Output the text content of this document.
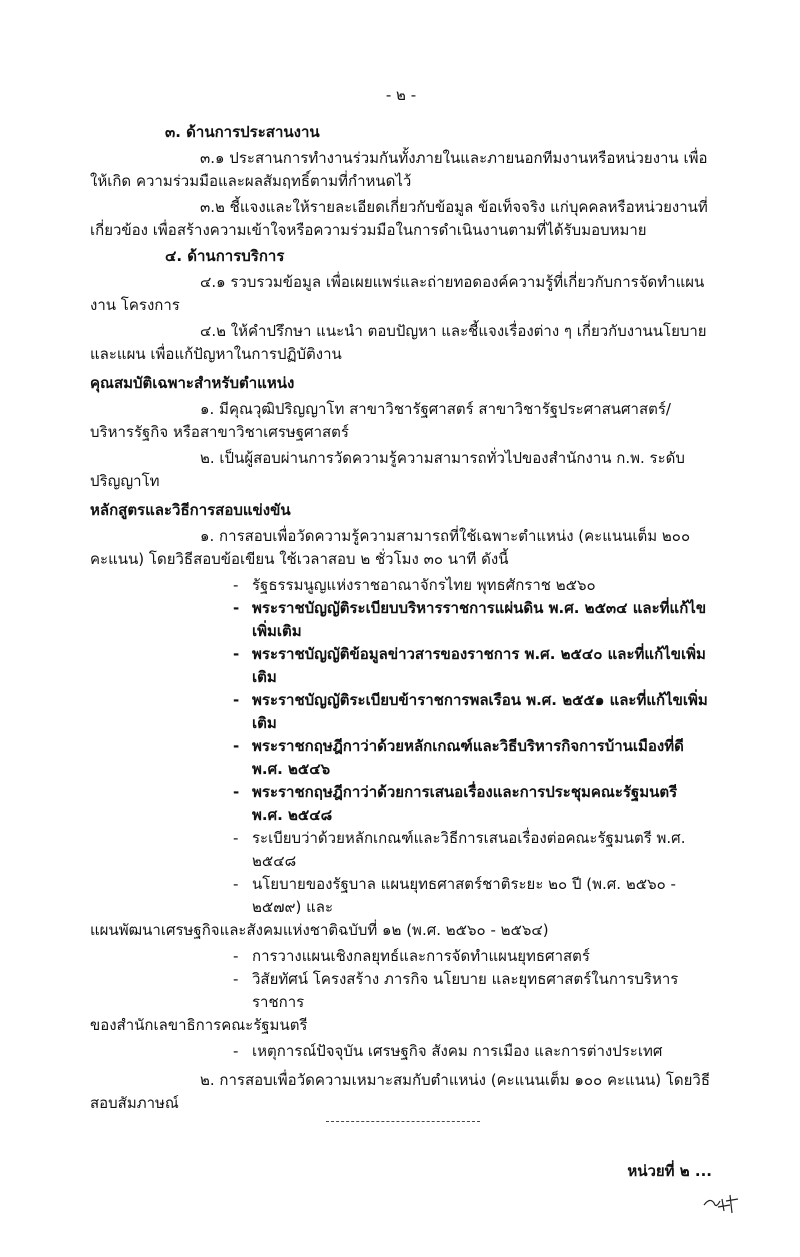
- ๒ -
๓. ด้านการประสานงาน
๓.๑ ประสานการทำงานร่วมกันทั้งภายในและภายนอกทีมงานหรือหน่วยงาน เพื่อให้เกิด ความร่วมมือและผลสัมฤทธิ์ตามที่กำหนดไว้
๓.๒ ชี้แจงและให้รายละเอียดเกี่ยวกับข้อมูล ข้อเท็จจริง แก่บุคคลหรือหน่วยงานที่เกี่ยวข้อง เพื่อสร้างความเข้าใจหรือความร่วมมือในการดำเนินงานตามที่ได้รับมอบหมาย
๔. ด้านการบริการ
๔.๑ รวบรวมข้อมูล เพื่อเผยแพร่และถ่ายทอดองค์ความรู้ที่เกี่ยวกับการจัดทำแผนงาน โครงการ
๔.๒ ให้คำปรึกษา แนะนำ ตอบปัญหา และชี้แจงเรื่องต่าง ๆ เกี่ยวกับงานนโยบายและแผน เพื่อแก้ปัญหาในการปฏิบัติงาน
คุณสมบัติเฉพาะสำหรับตำแหน่ง
๑. มีคุณวุฒิปริญญาโท สาขาวิชารัฐศาสตร์ สาขาวิชารัฐประศาสนศาสตร์/บริหารรัฐกิจ หรือสาขาวิชาเศรษฐศาสตร์
๒. เป็นผู้สอบผ่านการวัดความรู้ความสามารถทั่วไปของสำนักงาน ก.พ. ระดับปริญญาโท
หลักสูตรและวิธีการสอบแข่งขัน
๑. การสอบเพื่อวัดความรู้ความสามารถที่ใช้เฉพาะตำแหน่ง (คะแนนเต็ม ๒๐๐ คะแนน) โดยวิธีสอบข้อเขียน ใช้เวลาสอบ ๒ ชั่วโมง ๓๐ นาที ดังนี้
- รัฐธรรมนูญแห่งราชอาณาจักรไทย พุทธศักราช ๒๕๖๐
- พระราชบัญญัติระเบียบบริหารราชการแผ่นดิน พ.ศ. ๒๕๓๔ และที่แก้ไขเพิ่มเติม
- พระราชบัญญัติข้อมูลข่าวสารของราชการ พ.ศ. ๒๕๔๐ และที่แก้ไขเพิ่มเติม
- พระราชบัญญัติระเบียบข้าราชการพลเรือน พ.ศ. ๒๕๕๑ และที่แก้ไขเพิ่มเติม
- พระราชกฤษฎีกาว่าด้วยหลักเกณฑ์และวิธีบริหารกิจการบ้านเมืองที่ดี พ.ศ. ๒๕๔๖
- พระราชกฤษฎีกาว่าด้วยการเสนอเรื่องและการประชุมคณะรัฐมนตรี พ.ศ. ๒๕๔๘
- ระเบียบว่าด้วยหลักเกณฑ์และวิธีการเสนอเรื่องต่อคณะรัฐมนตรี พ.ศ. ๒๕๔๘
- นโยบายของรัฐบาล แผนยุทธศาสตร์ชาติระยะ ๒๐ ปี (พ.ศ. ๒๕๖๐ - ๒๕๗๙) และ
แผนพัฒนาเศรษฐกิจและสังคมแห่งชาติฉบับที่ ๑๒ (พ.ศ. ๒๕๖๐ - ๒๕๖๔)
- การวางแผนเชิงกลยุทธ์และการจัดทำแผนยุทธศาสตร์
- วิสัยทัศน์ โครงสร้าง ภารกิจ นโยบาย และยุทธศาสตร์ในการบริหารราชการ
ของสำนักเลขาธิการคณะรัฐมนตรี
- เหตุการณ์ปัจจุบัน เศรษฐกิจ สังคม การเมือง และการต่างประเทศ
๒. การสอบเพื่อวัดความเหมาะสมกับตำแหน่ง (คะแนนเต็ม ๑๐๐ คะแนน) โดยวิธีสอบสัมภาษณ์
หน่วยที่ ๒ ...
